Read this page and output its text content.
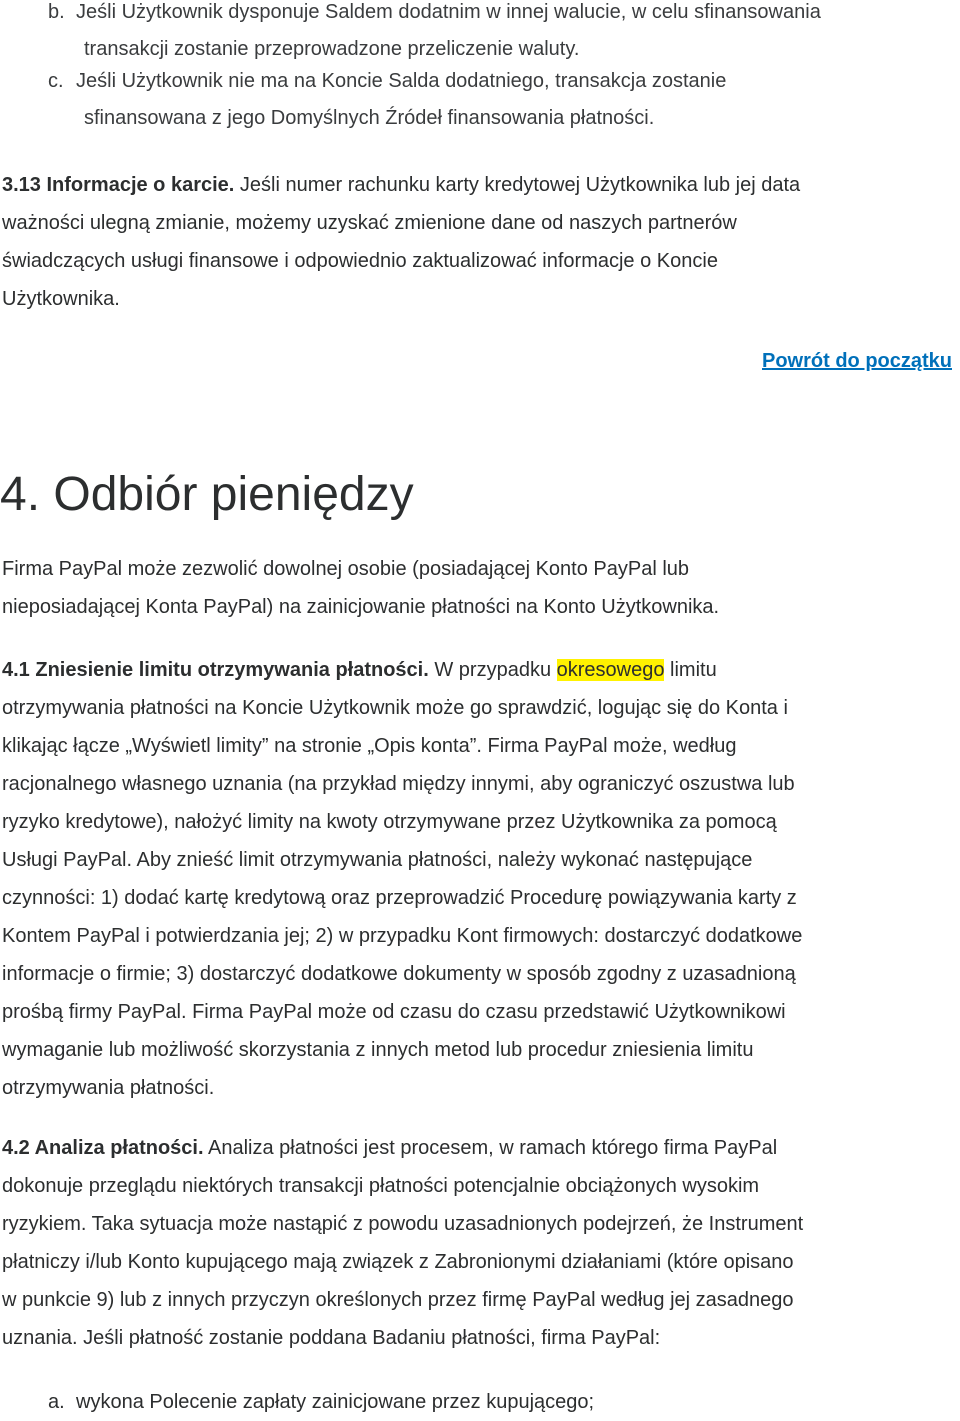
b. Jeśli Użytkownik dysponuje Saldem dodatnim w innej walucie, w celu sfinansowania
transakcji zostanie przeprowadzone przeliczenie waluty.
c. Jeśli Użytkownik nie ma na Koncie Salda dodatniego, transakcja zostanie
sfinansowana z jego Domyślnych Źródeł finansowania płatności.
3.13 Informacje o karcie. Jeśli numer rachunku karty kredytowej Użytkownika lub jej data
ważności ulegną zmianie, możemy uzyskać zmienione dane od naszych partnerów
świadczących usługi finansowe i odpowiednio zaktualizować informacje o Koncie
Użytkownika.
Powrót do początku
4. Odbiór pieniędzy
Firma PayPal może zezwolić dowolnej osobie (posiadającej Konto PayPal lub
nieposiadającej Konta PayPal) na zainicjowanie płatności na Konto Użytkownika.
4.1 Zniesienie limitu otrzymywania płatności. W przypadku okresowego limitu
otrzymywania płatności na Koncie Użytkownik może go sprawdzić, logując się do Konta i
klikając łącze „Wyświetl limity” na stronie „Opis konta”. Firma PayPal może, według
racjonalnego własnego uznania (na przykład między innymi, aby ograniczyć oszustwa lub
ryzyko kredytowe), nałożyć limity na kwoty otrzymywane przez Użytkownika za pomocą
Usługi PayPal. Aby znieść limit otrzymywania płatności, należy wykonać następujące
czynności: 1) dodać kartę kredytową oraz przeprowadzić Procedurę powiązywania karty z
Kontem PayPal i potwierdzania jej; 2) w przypadku Kont firmowych: dostarczyć dodatkowe
informacje o firmie; 3) dostarczyć dodatkowe dokumenty w sposób zgodny z uzasadnioną
prośbą firmy PayPal. Firma PayPal może od czasu do czasu przedstawić Użytkownikowi
wymaganie lub możliwość skorzystania z innych metod lub procedur zniesienia limitu
otrzymywania płatności.
4.2 Analiza płatności. Analiza płatności jest procesem, w ramach którego firma PayPal
dokonuje przeglądu niektórych transakcji płatności potencjalnie obciążonych wysokim
ryzykiem. Taka sytuacja może nastąpić z powodu uzasadnionych podejrzeń, że Instrument
płatniczy i/lub Konto kupującego mają związek z Zabronionymi działaniami (które opisano
w punkcie 9) lub z innych przyczyn określonych przez firmę PayPal według jej zasadnego
uznania. Jeśli płatność zostanie poddana Badaniu płatności, firma PayPal:
a. wykona Polecenie zapłaty zainicjowane przez kupującego;
